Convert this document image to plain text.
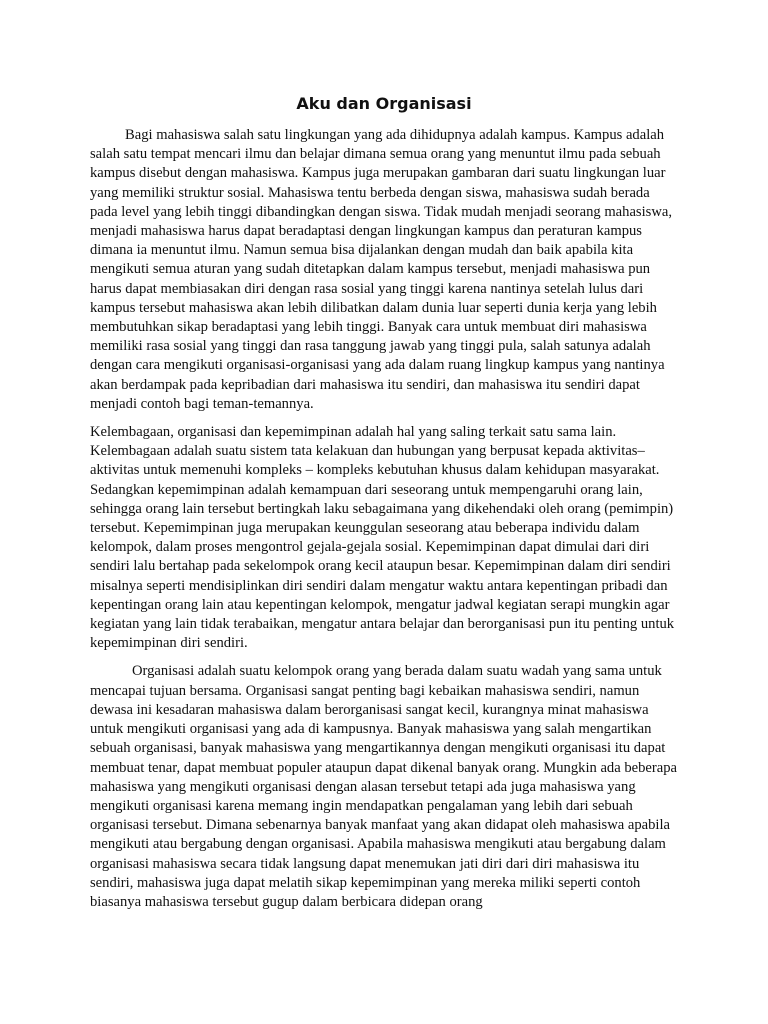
Aku dan Organisasi

Bagi mahasiswa salah satu lingkungan yang ada dihidupnya adalah kampus. Kampus adalah salah satu tempat mencari ilmu dan belajar dimana semua orang yang menuntut ilmu pada sebuah kampus disebut dengan mahasiswa. Kampus juga merupakan gambaran dari suatu lingkungan luar yang memiliki struktur sosial. Mahasiswa tentu berbeda dengan siswa, mahasiswa sudah berada pada level yang lebih tinggi dibandingkan dengan siswa. Tidak mudah menjadi seorang mahasiswa, menjadi mahasiswa harus dapat beradaptasi dengan lingkungan kampus dan peraturan kampus dimana ia menuntut ilmu. Namun semua bisa dijalankan dengan mudah dan baik apabila kita mengikuti semua aturan yang sudah ditetapkan dalam kampus tersebut, menjadi mahasiswa pun harus dapat membiasakan diri dengan rasa sosial yang tinggi karena nantinya setelah lulus dari kampus tersebut mahasiswa akan lebih dilibatkan dalam dunia luar seperti dunia kerja yang lebih membutuhkan sikap beradaptasi yang lebih tinggi. Banyak cara untuk membuat diri mahasiswa memiliki rasa sosial yang tinggi dan rasa tanggung jawab yang tinggi pula, salah satunya adalah dengan cara mengikuti organisasi-organisasi yang ada dalam ruang lingkup kampus yang nantinya akan berdampak pada kepribadian dari mahasiswa itu sendiri, dan mahasiswa itu sendiri dapat menjadi contoh bagi teman-temannya.

Kelembagaan, organisasi dan kepemimpinan adalah hal yang saling terkait satu sama lain. Kelembagaan adalah suatu sistem tata kelakuan dan hubungan yang berpusat kepada aktivitas–aktivitas untuk memenuhi kompleks – kompleks kebutuhan khusus dalam kehidupan masyarakat. Sedangkan kepemimpinan adalah kemampuan dari seseorang untuk mempengaruhi orang lain, sehingga orang lain tersebut bertingkah laku sebagaimana yang dikehendaki oleh orang (pemimpin) tersebut. Kepemimpinan juga merupakan keunggulan seseorang atau beberapa individu dalam kelompok, dalam proses mengontrol gejala-gejala sosial. Kepemimpinan dapat dimulai dari diri sendiri lalu bertahap pada sekelompok orang kecil ataupun besar. Kepemimpinan dalam diri sendiri misalnya seperti mendisiplinkan diri sendiri dalam mengatur waktu antara kepentingan pribadi dan kepentingan orang lain atau kepentingan kelompok, mengatur jadwal kegiatan serapi mungkin agar kegiatan yang lain tidak terabaikan, mengatur antara belajar dan berorganisasi pun itu penting untuk kepemimpinan diri sendiri.

Organisasi adalah suatu kelompok orang yang berada dalam suatu wadah yang sama untuk mencapai tujuan bersama. Organisasi sangat penting bagi kebaikan mahasiswa sendiri, namun dewasa ini kesadaran mahasiswa dalam berorganisasi sangat kecil, kurangnya minat mahasiswa untuk mengikuti organisasi yang ada di kampusnya. Banyak mahasiswa yang salah mengartikan sebuah organisasi, banyak mahasiswa yang mengartikannya dengan mengikuti organisasi itu dapat membuat tenar, dapat membuat populer ataupun dapat dikenal banyak orang. Mungkin ada beberapa mahasiswa yang mengikuti organisasi dengan alasan tersebut tetapi ada juga mahasiswa yang mengikuti organisasi karena memang ingin mendapatkan pengalaman yang lebih dari sebuah organisasi tersebut. Dimana sebenarnya banyak manfaat yang akan didapat oleh mahasiswa apabila mengikuti atau bergabung dengan organisasi. Apabila mahasiswa mengikuti atau bergabung dalam organisasi mahasiswa secara tidak langsung dapat menemukan jati diri dari diri mahasiswa itu sendiri, mahasiswa juga dapat melatih sikap kepemimpinan yang mereka miliki seperti contoh biasanya mahasiswa tersebut gugup dalam berbicara didepan orang
